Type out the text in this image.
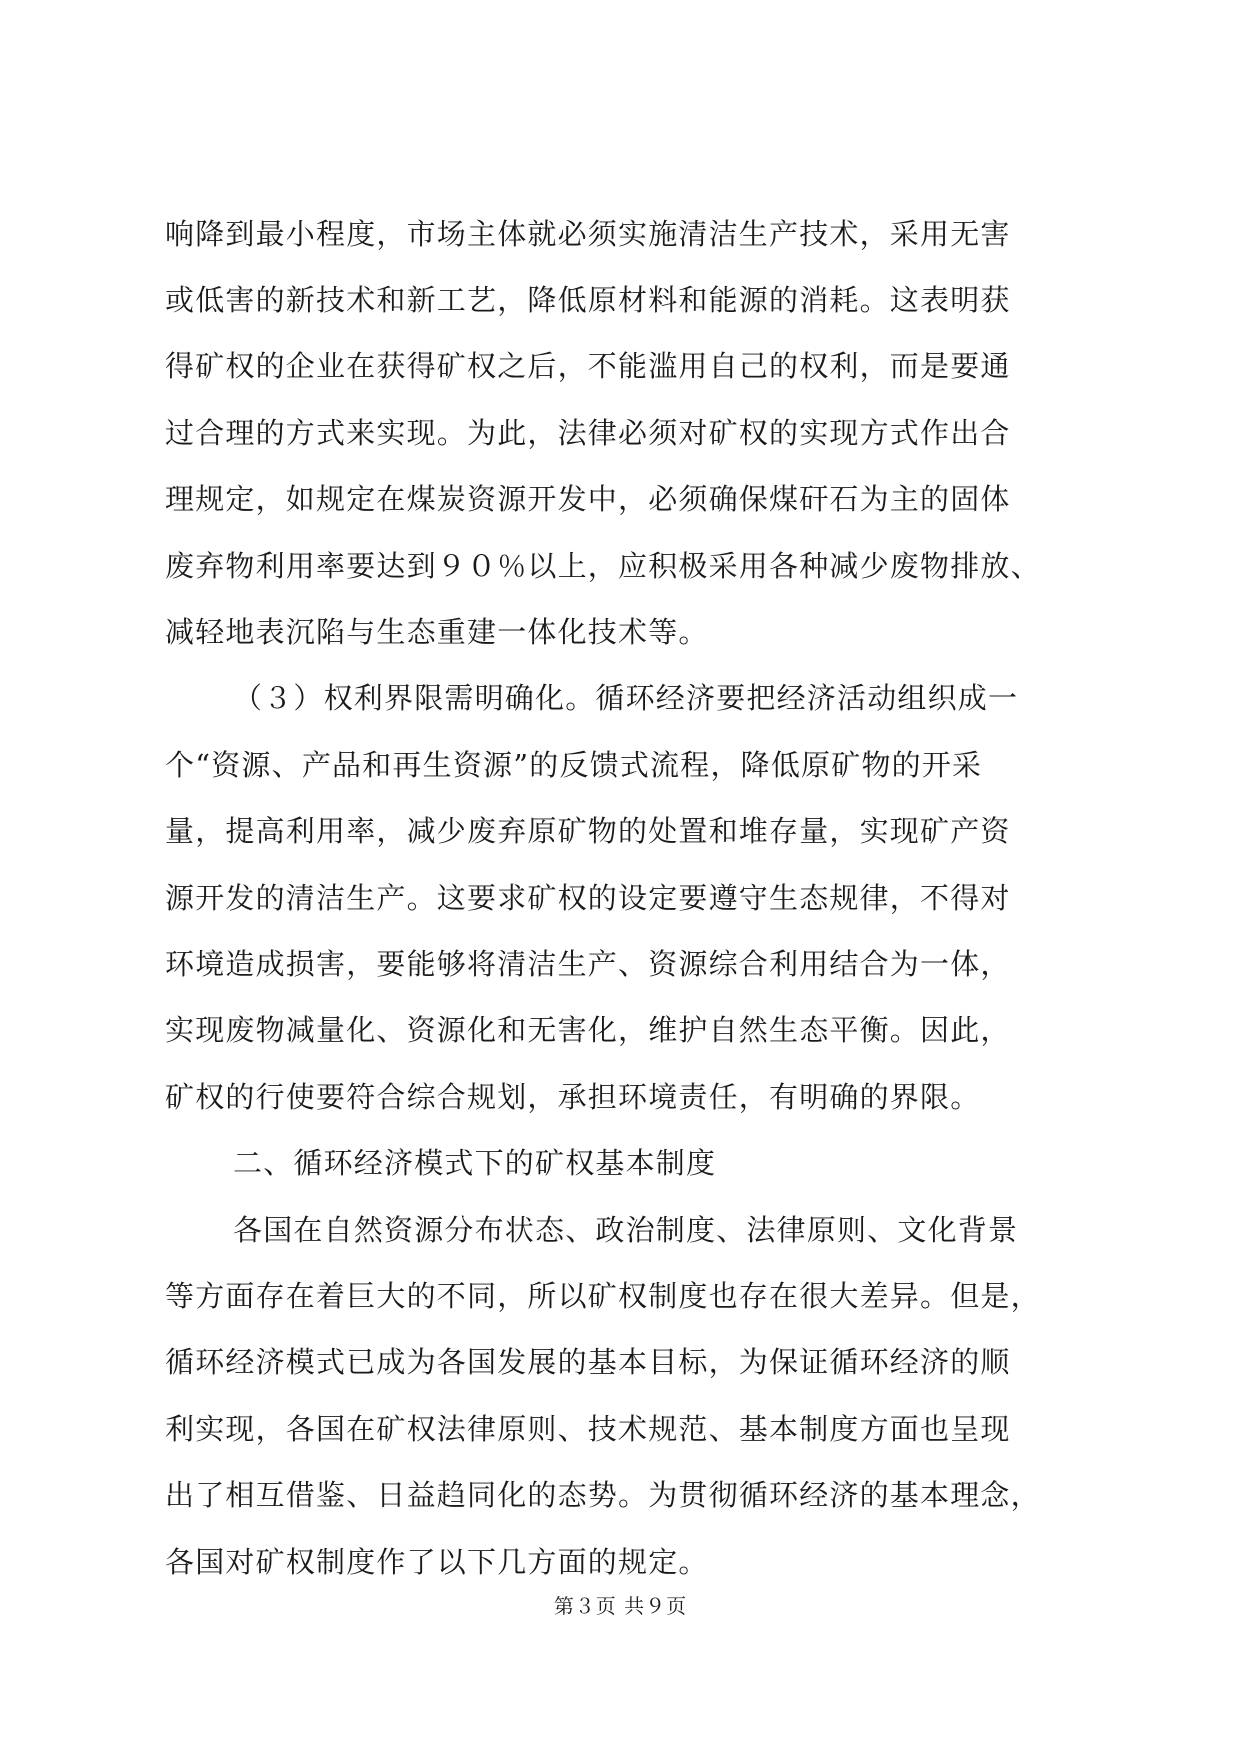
响降到最小程度，市场主体就必须实施清洁生产技术，采用无害
或低害的新技术和新工艺，降低原材料和能源的消耗。这表明获
得矿权的企业在获得矿权之后，不能滥用自己的权利，而是要通
过合理的方式来实现。为此，法律必须对矿权的实现方式作出合
理规定，如规定在煤炭资源开发中，必须确保煤矸石为主的固体
废弃物利用率要达到９０％以上，应积极采用各种减少废物排放、
减轻地表沉陷与生态重建一体化技术等。
（３）权利界限需明确化。循环经济要把经济活动组织成一
个“资源、产品和再生资源”的反馈式流程，降低原矿物的开采
量，提高利用率，减少废弃原矿物的处置和堆存量，实现矿产资
源开发的清洁生产。这要求矿权的设定要遵守生态规律，不得对
环境造成损害，要能够将清洁生产、资源综合利用结合为一体，
实现废物减量化、资源化和无害化，维护自然生态平衡。因此，
矿权的行使要符合综合规划，承担环境责任，有明确的界限。
二、循环经济模式下的矿权基本制度
各国在自然资源分布状态、政治制度、法律原则、文化背景
等方面存在着巨大的不同，所以矿权制度也存在很大差异。但是，
循环经济模式已成为各国发展的基本目标，为保证循环经济的顺
利实现，各国在矿权法律原则、技术规范、基本制度方面也呈现
出了相互借鉴、日益趋同化的态势。为贯彻循环经济的基本理念，
各国对矿权制度作了以下几方面的规定。
第３页 共９页
